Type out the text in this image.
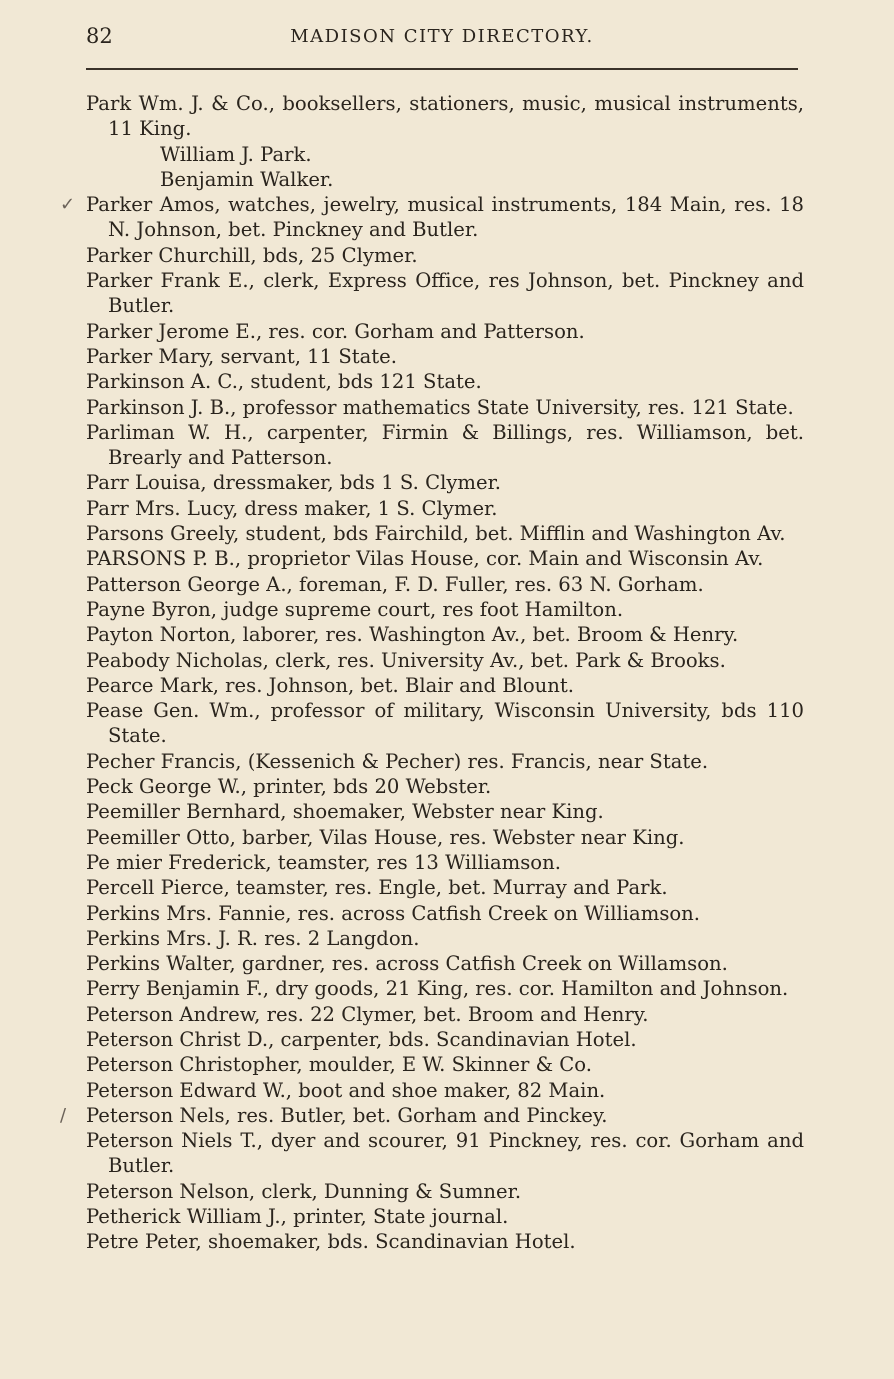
82	MADISON CITY DIRECTORY.
Park Wm. J. & Co., booksellers, stationers, music, musical instruments, 11 King.
William J. Park.
Benjamin Walker.
✓ Parker Amos, watches, jewelry, musical instruments, 184 Main, res. 18 N. Johnson, bet. Pinckney and Butler.
Parker Churchill, bds, 25 Clymer.
Parker Frank E., clerk, Express Office, res Johnson, bet. Pinckney and Butler.
Parker Jerome E., res. cor. Gorham and Patterson.
Parker Mary, servant, 11 State.
Parkinson A. C., student, bds 121 State.
Parkinson J. B., professor mathematics State University, res. 121 State.
Parliman W. H., carpenter, Firmin & Billings, res. Williamson, bet. Brearly and Patterson.
Parr Louisa, dressmaker, bds 1 S. Clymer.
Parr Mrs. Lucy, dress maker, 1 S. Clymer.
Parsons Greely, student, bds Fairchild, bet. Mifflin and Washington Av.
PARSONS P. B., proprietor Vilas House, cor. Main and Wisconsin Av.
Patterson George A., foreman, F. D. Fuller, res. 63 N. Gorham.
Payne Byron, judge supreme court, res foot Hamilton.
Payton Norton, laborer, res. Washington Av., bet. Broom & Henry.
Peabody Nicholas, clerk, res. University Av., bet. Park & Brooks.
Pearce Mark, res. Johnson, bet. Blair and Blount.
Pease Gen. Wm., professor of military, Wisconsin University, bds 110 State.
Pecher Francis, (Kessenich & Pecher) res. Francis, near State.
Peck George W., printer, bds 20 Webster.
Peemiller Bernhard, shoemaker, Webster near King.
Peemiller Otto, barber, Vilas House, res. Webster near King.
Pe mier Frederick, teamster, res 13 Williamson.
Percell Pierce, teamster, res. Engle, bet. Murray and Park.
Perkins Mrs. Fannie, res. across Catfish Creek on Williamson.
Perkins Mrs. J. R. res. 2 Langdon.
Perkins Walter, gardner, res. across Catfish Creek on Willamson.
Perry Benjamin F., dry goods, 21 King, res. cor. Hamilton and Johnson.
Peterson Andrew, res. 22 Clymer, bet. Broom and Henry.
Peterson Christ D., carpenter, bds. Scandinavian Hotel.
Peterson Christopher, moulder, E W. Skinner & Co.
Peterson Edward W., boot and shoe maker, 82 Main.
/ Peterson Nels, res. Butler, bet. Gorham and Pinckey.
Peterson Niels T., dyer and scourer, 91 Pinckney, res. cor. Gorham and Butler.
Peterson Nelson, clerk, Dunning & Sumner.
Petherick William J., printer, State journal.
Petre Peter, shoemaker, bds. Scandinavian Hotel.
